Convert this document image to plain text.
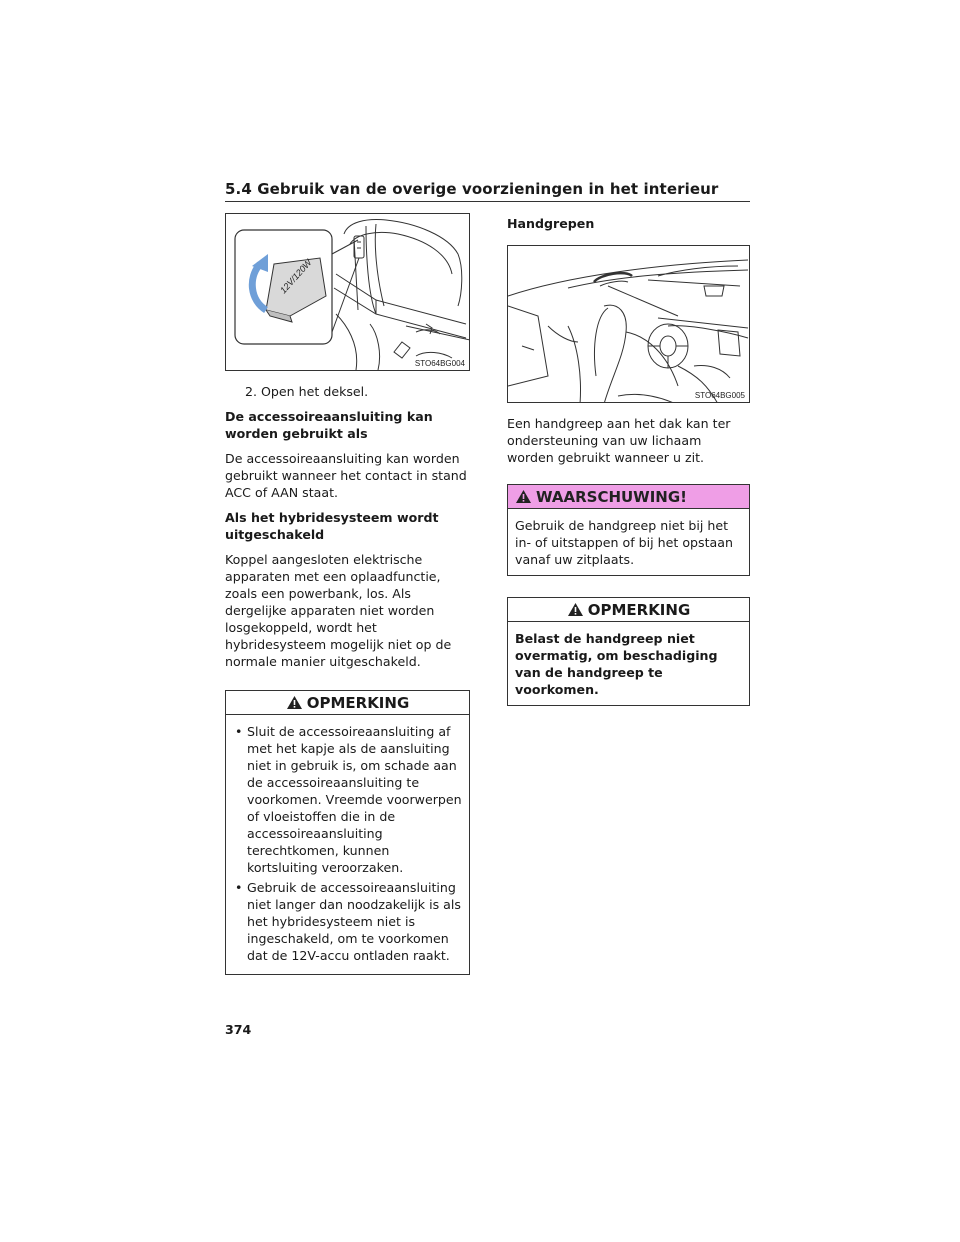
5.4 Gebruik van de overige voorzieningen in het interieur
12V/120W
STO64BG004

2. Open het deksel.

De accessoireaansluiting kan worden gebruikt als

De accessoireaansluiting kan worden gebruikt wanneer het contact in stand ACC of AAN staat.

Als het hybridesysteem wordt uitgeschakeld

Koppel aangesloten elektrische apparaten met een oplaadfunctie, zoals een powerbank, los. Als dergelijke apparaten niet worden losgekoppeld, wordt het hybridesysteem mogelijk niet op de normale manier uitgeschakeld.

OPMERKING
• Sluit de accessoireaansluiting af met het kapje als de aansluiting niet in gebruik is, om schade aan de accessoireaansluiting te voorkomen. Vreemde voorwerpen of vloeistoffen die in de accessoireaansluiting terechtkomen, kunnen kortsluiting veroorzaken.
• Gebruik de accessoireaansluiting niet langer dan noodzakelijk is als het hybridesysteem niet is ingeschakeld, om te voorkomen dat de 12V-accu ontladen raakt.

Handgrepen

STO64BG005

Een handgreep aan het dak kan ter ondersteuning van uw lichaam worden gebruikt wanneer u zit.

WAARSCHUWING!

Gebruik de handgreep niet bij het in- of uitstappen of bij het opstaan vanaf uw zitplaats.

OPMERKING

Belast de handgreep niet overmatig, om beschadiging van de handgreep te voorkomen.

374
